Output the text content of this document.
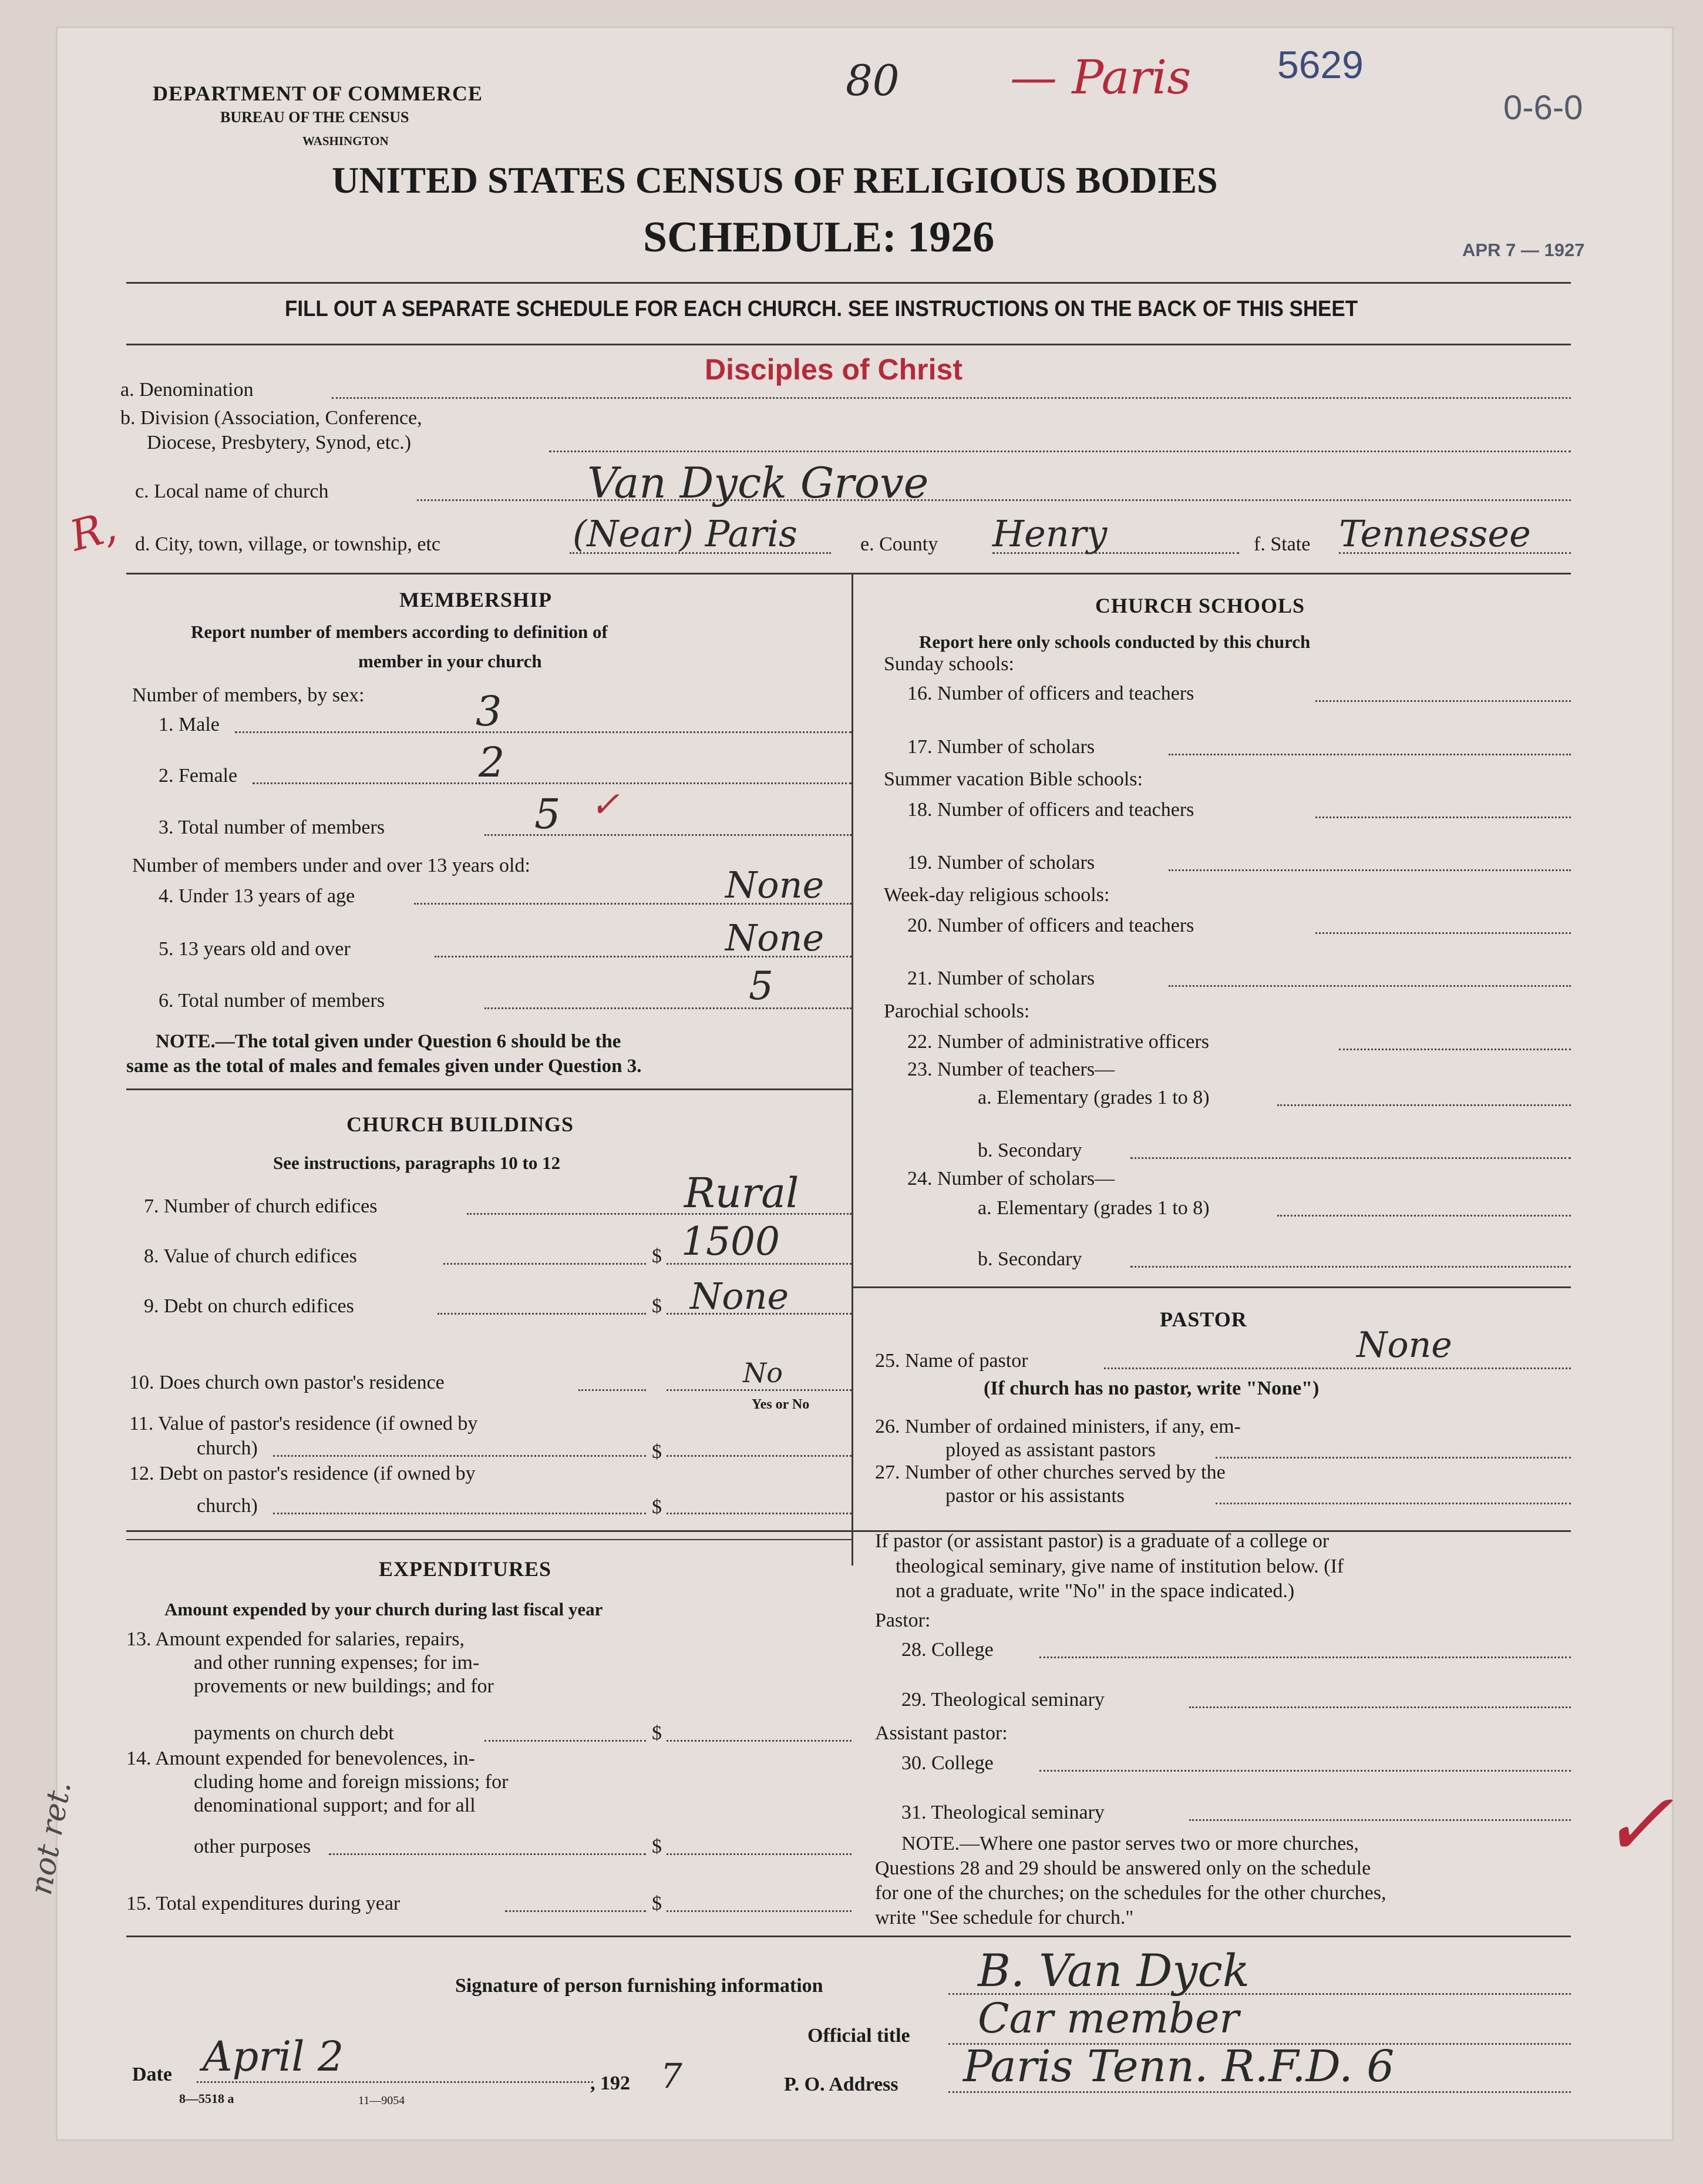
DEPARTMENT OF COMMERCE
BUREAU OF THE CENSUS
WASHINGTON
UNITED STATES CENSUS OF RELIGIOUS BODIES
SCHEDULE: 1926
FILL OUT A SEPARATE SCHEDULE FOR EACH CHURCH. SEE INSTRUCTIONS ON THE BACK OF THIS SHEET
80 — Paris 5629
0-6-0
APR 7 — 1927
R,
not ret.
a. Denomination
Disciples of Christ
b. Division (Association, Conference,
Diocese, Presbytery, Synod, etc.)
c. Local name of church	Van Dyck Grove
d. City, town, village, or township, etc	(Near) Paris	e. County Henry	f. State Tennessee
MEMBERSHIP
Report number of members according to definition of
member in your church
Number of members, by sex:
1. Male	3
2. Female	2
3. Total number of members	5 ✓
Number of members under and over 13 years old:
4. Under 13 years of age	None
5. 13 years old and over	None
6. Total number of members	5
NOTE.—The total given under Question 6 should be the
same as the total of males and females given under Question 3.
CHURCH BUILDINGS
See instructions, paragraphs 10 to 12
7. Number of church edifices	Rural
8. Value of church edifices	$ 1500
9. Debt on church edifices	$ None
10. Does church own pastor's residence	No
Yes or No
11. Value of pastor's residence (if owned by
church)	$
12. Debt on pastor's residence (if owned by
church)	$
EXPENDITURES
Amount expended by your church during last fiscal year
13. Amount expended for salaries, repairs,
and other running expenses; for im-
provements or new buildings; and for
payments on church debt	$
14. Amount expended for benevolences, in-
cluding home and foreign missions; for
denominational support; and for all
other purposes	$
15. Total expenditures during year	$
CHURCH SCHOOLS
Report here only schools conducted by this church
Sunday schools:
16. Number of officers and teachers
17. Number of scholars
Summer vacation Bible schools:
18. Number of officers and teachers
19. Number of scholars
Week-day religious schools:
20. Number of officers and teachers
21. Number of scholars
Parochial schools:
22. Number of administrative officers
23. Number of teachers—
a. Elementary (grades 1 to 8)
b. Secondary
24. Number of scholars—
a. Elementary (grades 1 to 8)
b. Secondary
PASTOR
25. Name of pastor	None
(If church has no pastor, write "None")
26. Number of ordained ministers, if any, em-
ployed as assistant pastors
27. Number of other churches served by the
pastor or his assistants
If pastor (or assistant pastor) is a graduate of a college or
theological seminary, give name of institution below. (If
not a graduate, write "No" in the space indicated.)
Pastor:
28. College
29. Theological seminary
Assistant pastor:
30. College
31. Theological seminary
NOTE.—Where one pastor serves two or more churches,
Questions 28 and 29 should be answered only on the schedule
for one of the churches; on the schedules for the other churches,
write "See schedule for church."
✓
Signature of person furnishing information	B. Van Dyck
Official title Car member
Date April 2
, 192 7	P. O. Address Paris Tenn. R.F.D. 6
8—5518 a	11—9054
